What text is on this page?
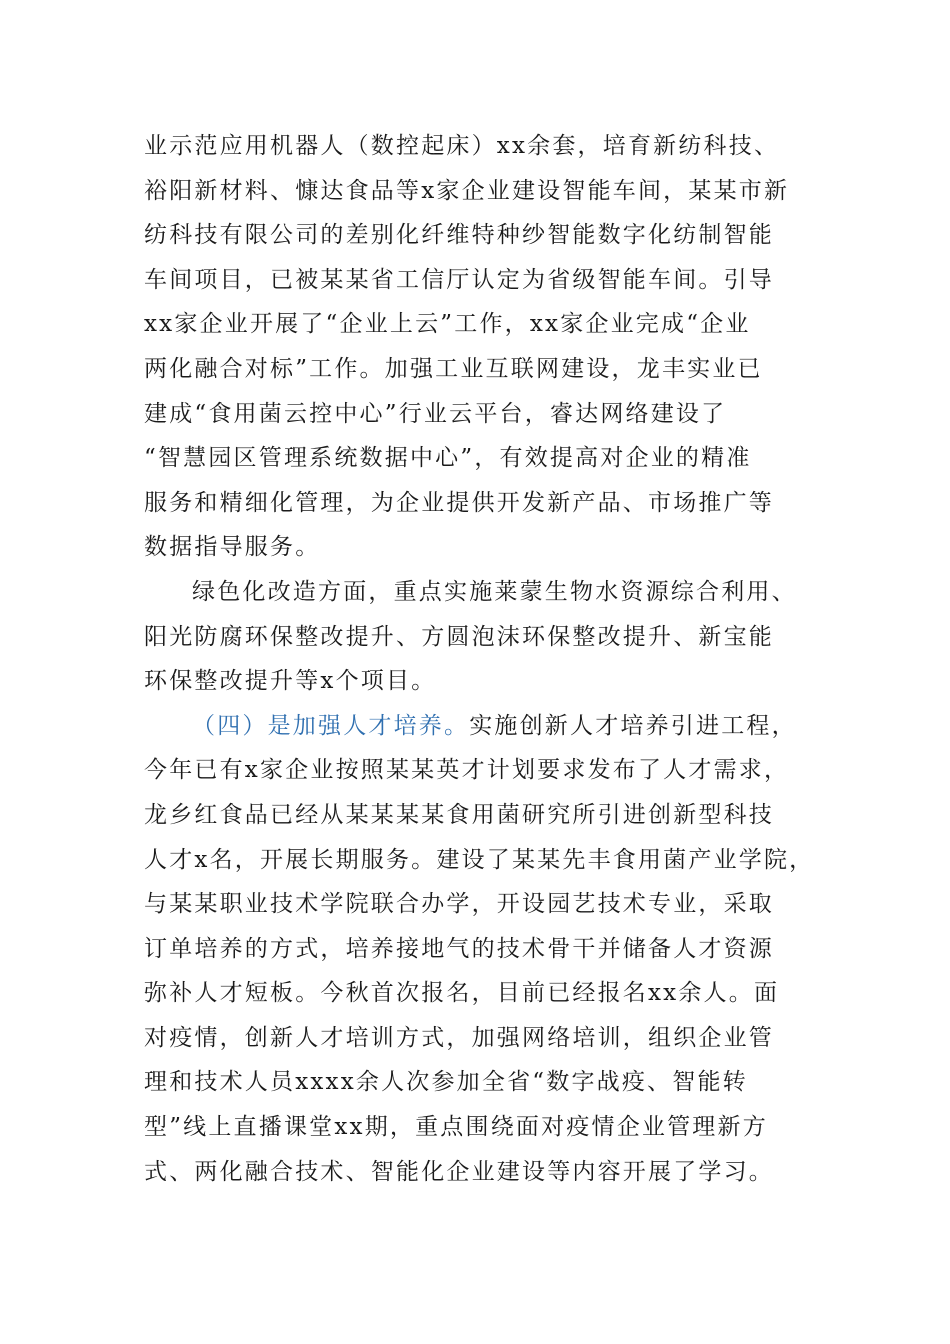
业示范应用机器人（数控起床）xx余套，培育新纺科技、
裕阳新材料、慷达食品等x家企业建设智能车间，某某市新
纺科技有限公司的差别化纤维特种纱智能数字化纺制智能
车间项目，已被某某省工信厅认定为省级智能车间。引导
xx家企业开展了“企业上云”工作，xx家企业完成“企业
两化融合对标”工作。加强工业互联网建设，龙丰实业已
建成“食用菌云控中心”行业云平台，睿达网络建设了
“智慧园区管理系统数据中心”，有效提高对企业的精准
服务和精细化管理，为企业提供开发新产品、市场推广等
数据指导服务。

绿色化改造方面，重点实施莱蒙生物水资源综合利用、
阳光防腐环保整改提升、方圆泡沫环保整改提升、新宝能
环保整改提升等x个项目。

（四）是加强人才培养。实施创新人才培养引进工程，
今年已有x家企业按照某某英才计划要求发布了人才需求，
龙乡红食品已经从某某某某食用菌研究所引进创新型科技
人才x名，开展长期服务。建设了某某先丰食用菌产业学院，
与某某职业技术学院联合办学，开设园艺技术专业，采取
订单培养的方式，培养接地气的技术骨干并储备人才资源
弥补人才短板。今秋首次报名，目前已经报名xx余人。面
对疫情，创新人才培训方式，加强网络培训，组织企业管
理和技术人员xxxx余人次参加全省“数字战疫、智能转
型”线上直播课堂xx期，重点围绕面对疫情企业管理新方
式、两化融合技术、智能化企业建设等内容开展了学习。
